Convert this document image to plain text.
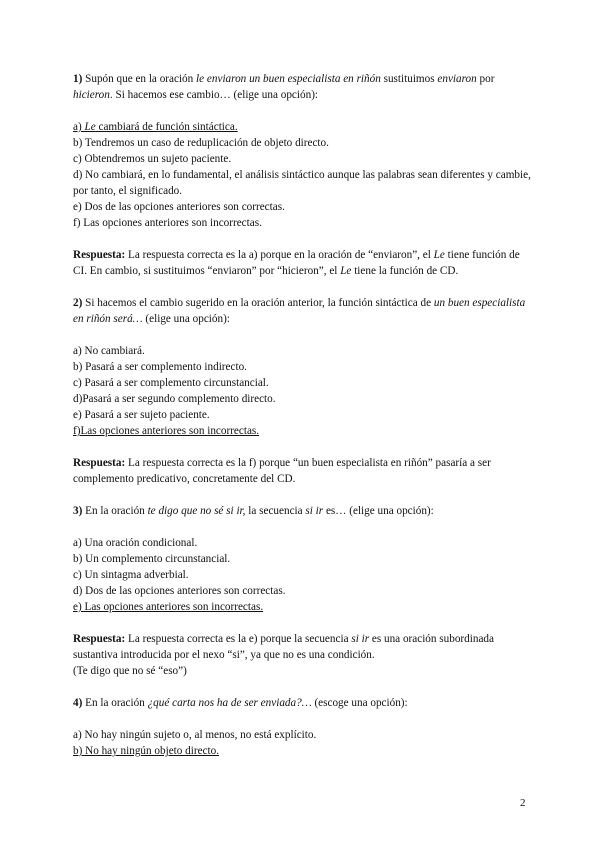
1) Supón que en la oración le enviaron un buen especialista en riñón sustituimos enviaron por hicieron. Si hacemos ese cambio… (elige una opción):

a) Le cambiará de función sintáctica.

b) Tendremos un caso de reduplicación de objeto directo.

c) Obtendremos un sujeto paciente.

d) No cambiará, en lo fundamental, el análisis sintáctico aunque las palabras sean diferentes y cambie, por tanto, el significado.

e) Dos de las opciones anteriores son correctas.

f) Las opciones anteriores son incorrectas.

Respuesta: La respuesta correcta es la a) porque en la oración de “enviaron”, el Le tiene función de CI. En cambio, si sustituimos “enviaron” por “hicieron”, el Le tiene la función de CD.

2) Si hacemos el cambio sugerido en la oración anterior, la función sintáctica de un buen especialista en riñón será… (elige una opción):

a) No cambiará.

b) Pasará a ser complemento indirecto.

c) Pasará a ser complemento circunstancial.

d)Pasará a ser segundo complemento directo.

e) Pasará a ser sujeto paciente.

f)Las opciones anteriores son incorrectas.

Respuesta: La respuesta correcta es la f) porque “un buen especialista en riñón” pasaría a ser complemento predicativo, concretamente del CD.

3) En la oración te digo que no sé si ir, la secuencia si ir es… (elige una opción):

a) Una oración condicional.

b) Un complemento circunstancial.

c) Un sintagma adverbial.

d) Dos de las opciones anteriores son correctas.

e) Las opciones anteriores son incorrectas.

Respuesta: La respuesta correcta es la e) porque la secuencia si ir es una oración subordinada sustantiva introducida por el nexo “si”, ya que no es una condición.

(Te digo que no sé “eso”)

4) En la oración ¿qué carta nos ha de ser enviada?… (escoge una opción):

a) No hay ningún sujeto o, al menos, no está explícito.

b) No hay ningún objeto directo.

2
